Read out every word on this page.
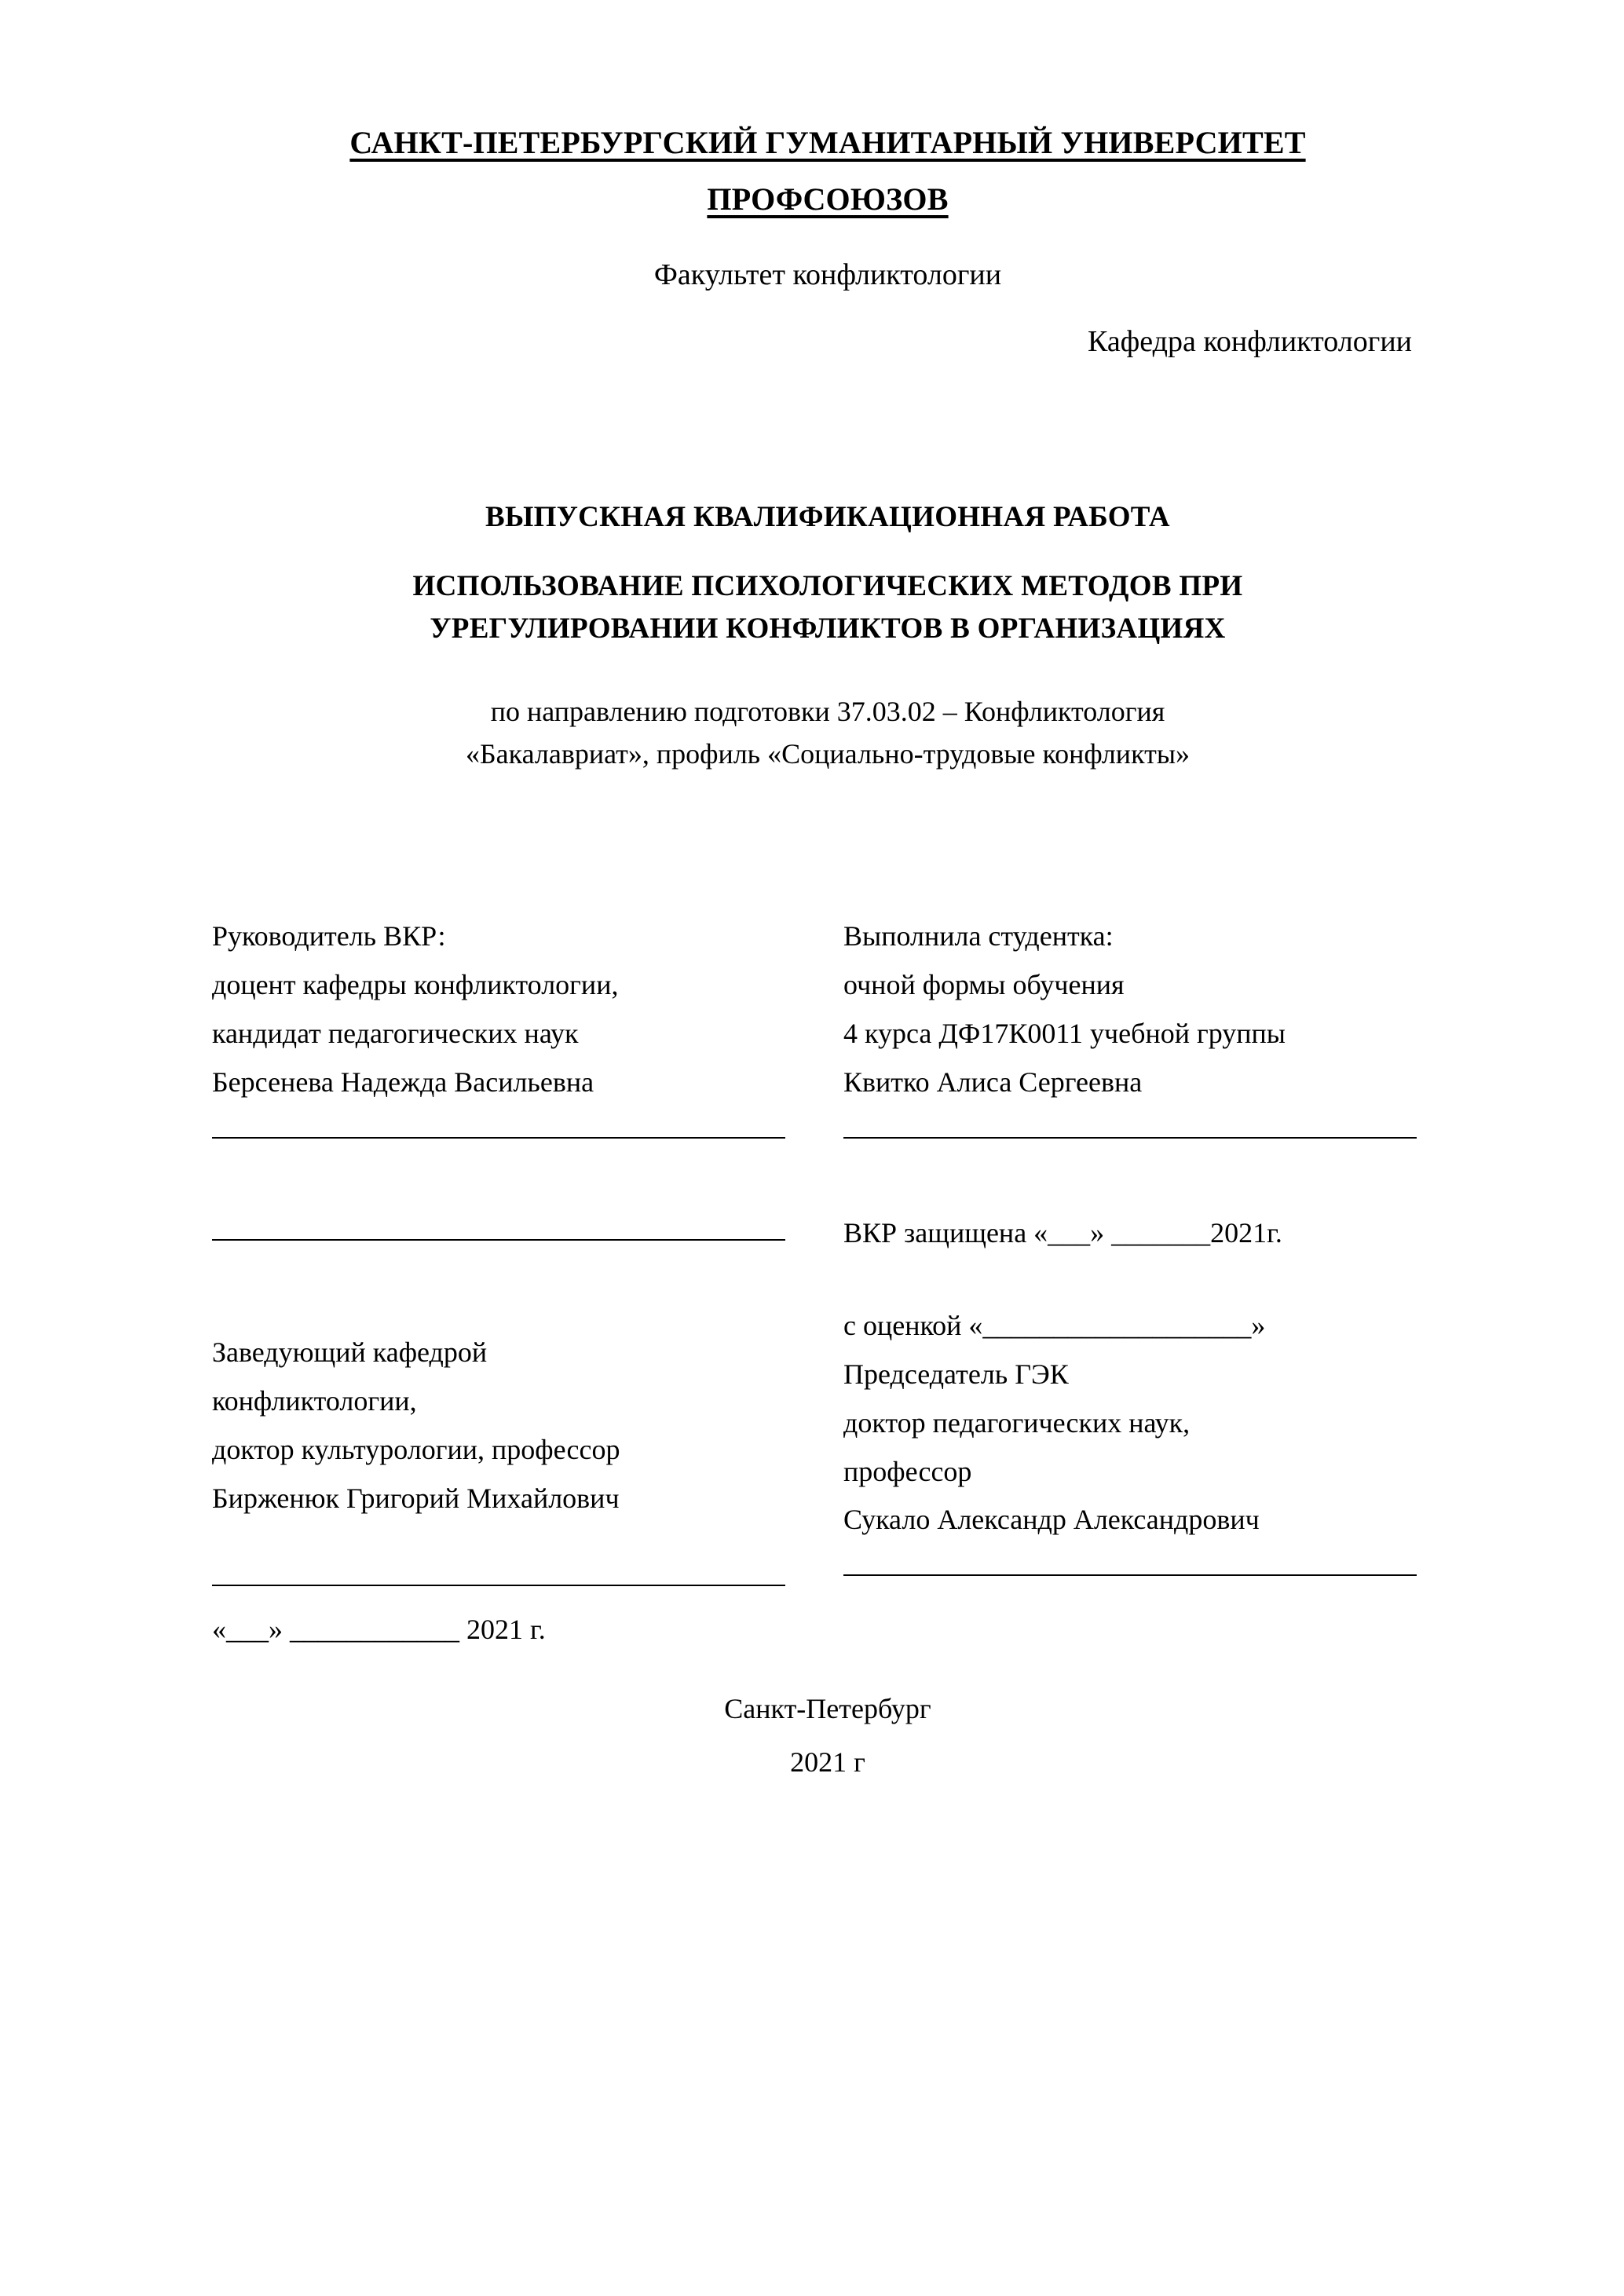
САНКТ-ПЕТЕРБУРГСКИЙ ГУМАНИТАРНЫЙ УНИВЕРСИТЕТ
ПРОФСОЮЗОВ
Факультет конфликтологии
Кафедра конфликтологии
ВЫПУСКНАЯ КВАЛИФИКАЦИОННАЯ РАБОТА
ИСПОЛЬЗОВАНИЕ ПСИХОЛОГИЧЕСКИХ МЕТОДОВ ПРИ
УРЕГУЛИРОВАНИИ КОНФЛИКТОВ В ОРГАНИЗАЦИЯХ
по направлению подготовки 37.03.02 – Конфликтология
«Бакалавриат», профиль «Социально-трудовые конфликты»
Руководитель ВКР:
доцент кафедры конфликтологии,
кандидат педагогических наук
Берсенева Надежда Васильевна
Заведующий кафедрой
конфликтологии,
доктор культурологии, профессор
Бирженюк Григорий Михайлович
«___» ____________ 2021 г.
Выполнила студентка:
очной формы обучения
4 курса ДФ17К0011 учебной группы
Квитко Алиса Сергеевна
ВКР защищена «___» _______2021г.
с оценкой «___________________»
Председатель ГЭК
доктор педагогических наук,
профессор
Сукало Александр Александрович
Санкт-Петербург
2021 г
